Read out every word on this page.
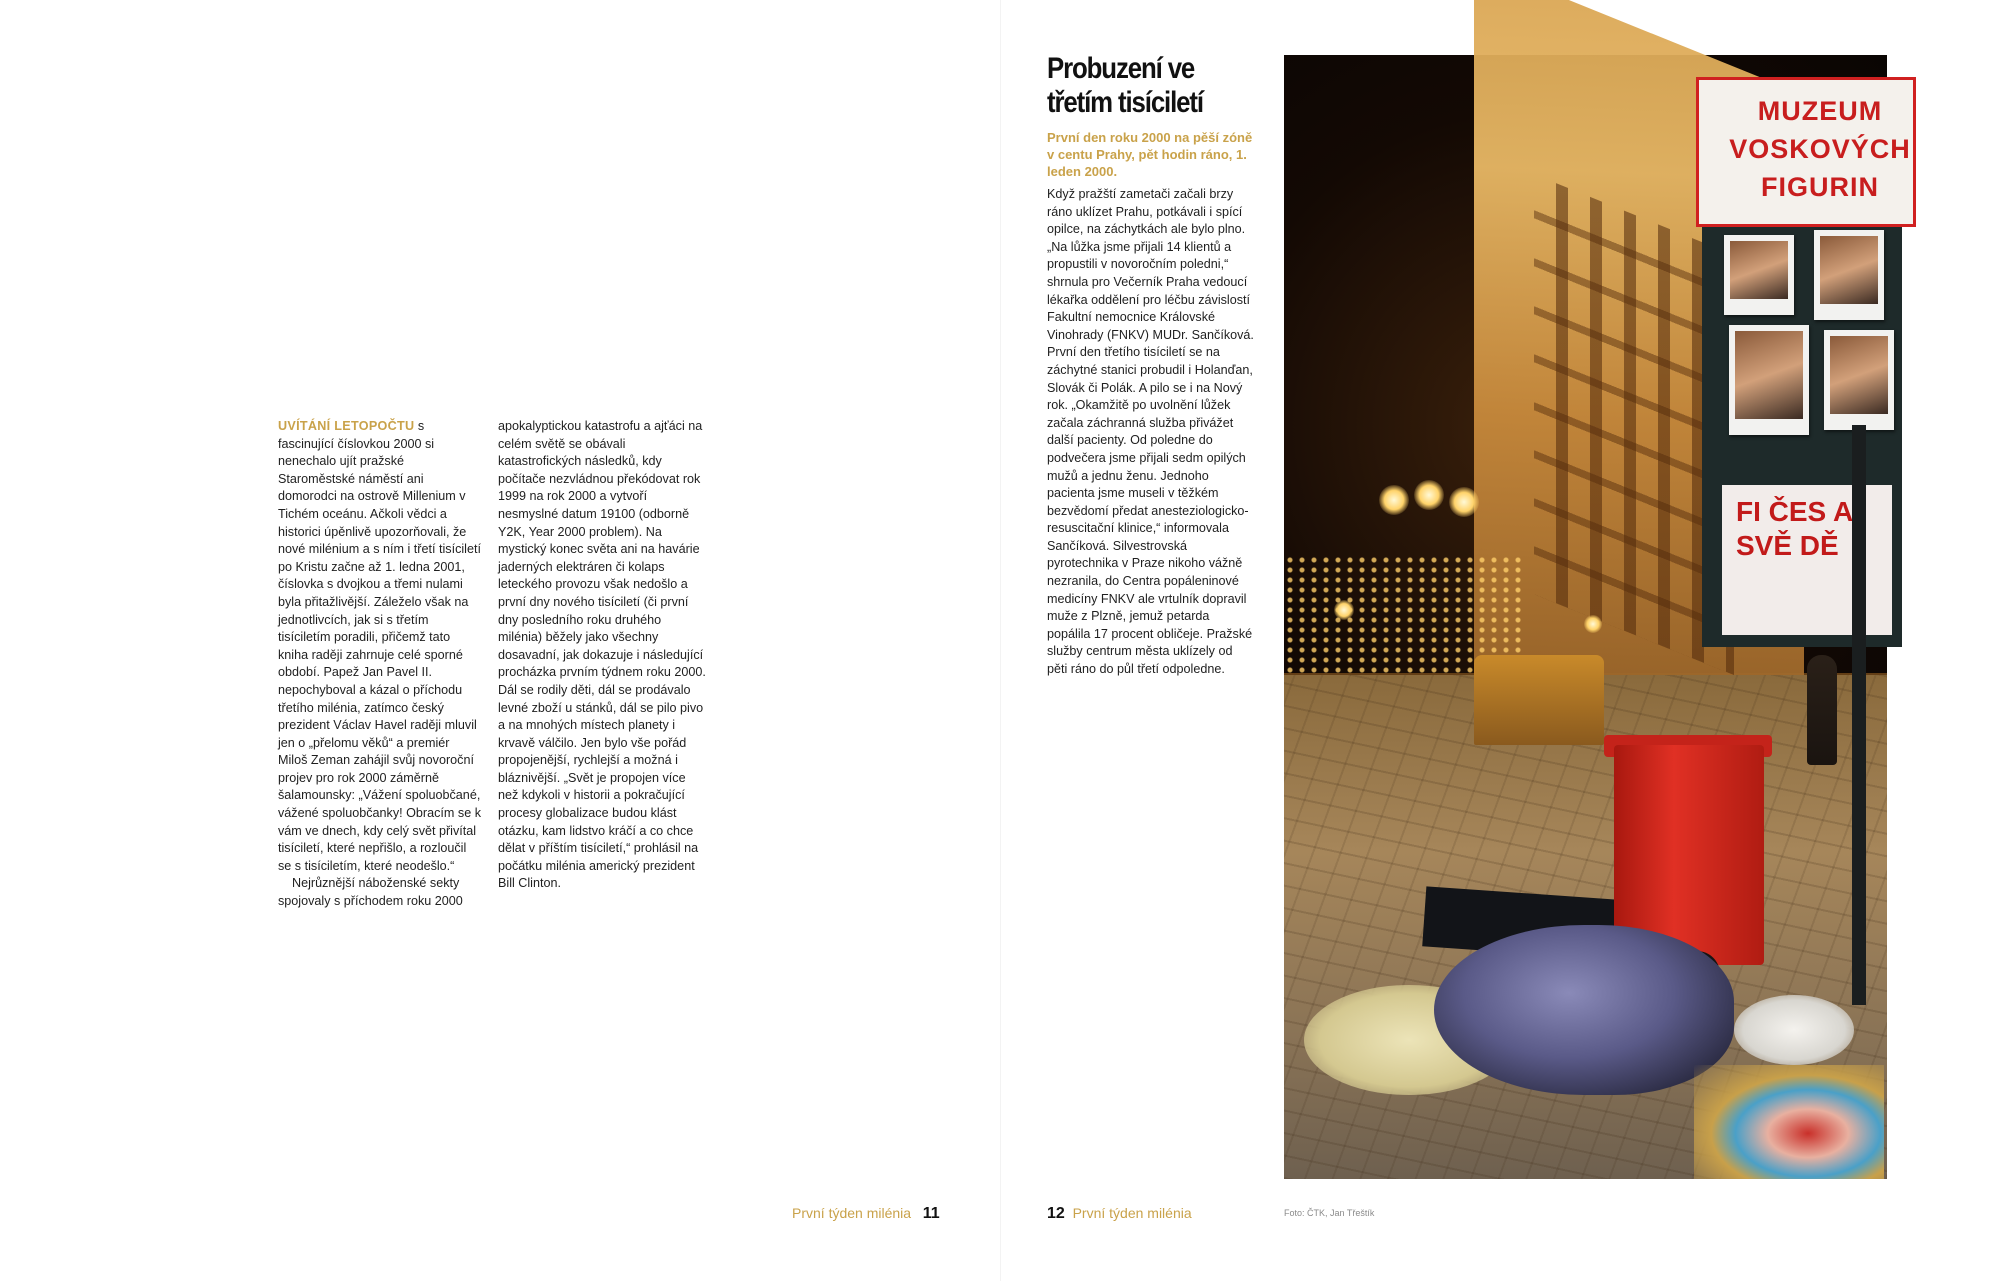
UVÍTÁNÍ LETOPOČTU s fascinující číslovkou 2000 si nenechalo ujít pražské Staroměstské náměstí ani domorodci na ostrově Millenium v Tichém oceánu. Ačkoli vědci a historici úpěnlivě upozorňovali, že nové milénium a s ním i třetí tisíciletí po Kristu začne až 1. ledna 2001, číslovka s dvojkou a třemi nulami byla přitažlivější. Záleželo však na jednotlivcích, jak si s třetím tisíciletím poradili, přičemž tato kniha raději zahrnuje celé sporné období. Papež Jan Pavel II. nepochyboval a kázal o příchodu třetího milénia, zatímco český prezident Václav Havel raději mluvil jen o „přelomu věků“ a premiér Miloš Zeman zahájil svůj novoroční projev pro rok 2000 záměrně šalamounsky: „Vážení spoluobčané, vážené spoluobčanky! Obracím se k vám ve dnech, kdy celý svět přivítal tisíciletí, které nepřišlo, a rozloučil se s tisíciletím, které neodešlo.“

Nejrůznější náboženské sekty spojovaly s příchodem roku 2000

apokalyptickou katastrofu a ajťáci na celém světě se obávali katastrofických následků, kdy počítače nezvládnou překódovat rok 1999 na rok 2000 a vytvoří nesmyslné datum 19100 (odborně Y2K, Year 2000 problem). Na mystický konec světa ani na havárie jaderných elektráren či kolaps leteckého provozu však nedošlo a první dny nového tisíciletí (či první dny posledního roku druhého milénia) běžely jako všechny dosavadní, jak dokazuje i následující procházka prvním týdnem roku 2000. Dál se rodily děti, dál se prodávalo levné zboží u stánků, dál se pilo pivo a na mnohých místech planety i krvavě válčilo. Jen bylo vše pořád propojenější, rychlejší a možná i bláznivější. „Svět je propojen více než kdykoli v historii a pokračující procesy globalizace budou klást otázku, kam lidstvo kráčí a co chce dělat v příštím tisíciletí,“ prohlásil na počátku milénia americký prezident Bill Clinton.

První týden milénia 11
Probuzení ve třetím tisíciletí
První den roku 2000 na pěší zóně v centu Prahy, pět hodin ráno, 1. leden 2000.

Když pražští zametači začali brzy ráno uklízet Prahu, potkávali i spící opilce, na záchytkách ale bylo plno. „Na lůžka jsme přijali 14 klientů a propustili v novoročním poledni,“ shrnula pro Večerník Praha vedoucí lékařka oddělení pro léčbu závislostí Fakultní nemocnice Královské Vinohrady (FNKV) MUDr. Sančíková. První den třetího tisíciletí se na záchytné stanici probudil i Holanďan, Slovák či Polák. A pilo se i na Nový rok. „Okamžitě po uvolnění lůžek začala záchranná služba přivážet další pacienty. Od poledne do podvečera jsme přijali sedm opilých mužů a jednu ženu. Jednoho pacienta jsme museli v těžkém bezvědomí předat anesteziologicko-resuscitační klinice,“ informovala Sančíková. Silvestrovská pyrotechnika v Praze nikoho vážně nezranila, do Centra popáleninové medicíny FNKV ale vrtulník dopravil muže z Plzně, jemuž petarda popálila 17 procent obličeje. Pražské služby centrum města uklízely od pěti ráno do půl třetí odpoledne.

MUZEUM VOSKOVÝCH FIGURIN
FI ČES A SVĚ DĚ
12 První týden milénia	Foto: ČTK, Jan Třeštík
